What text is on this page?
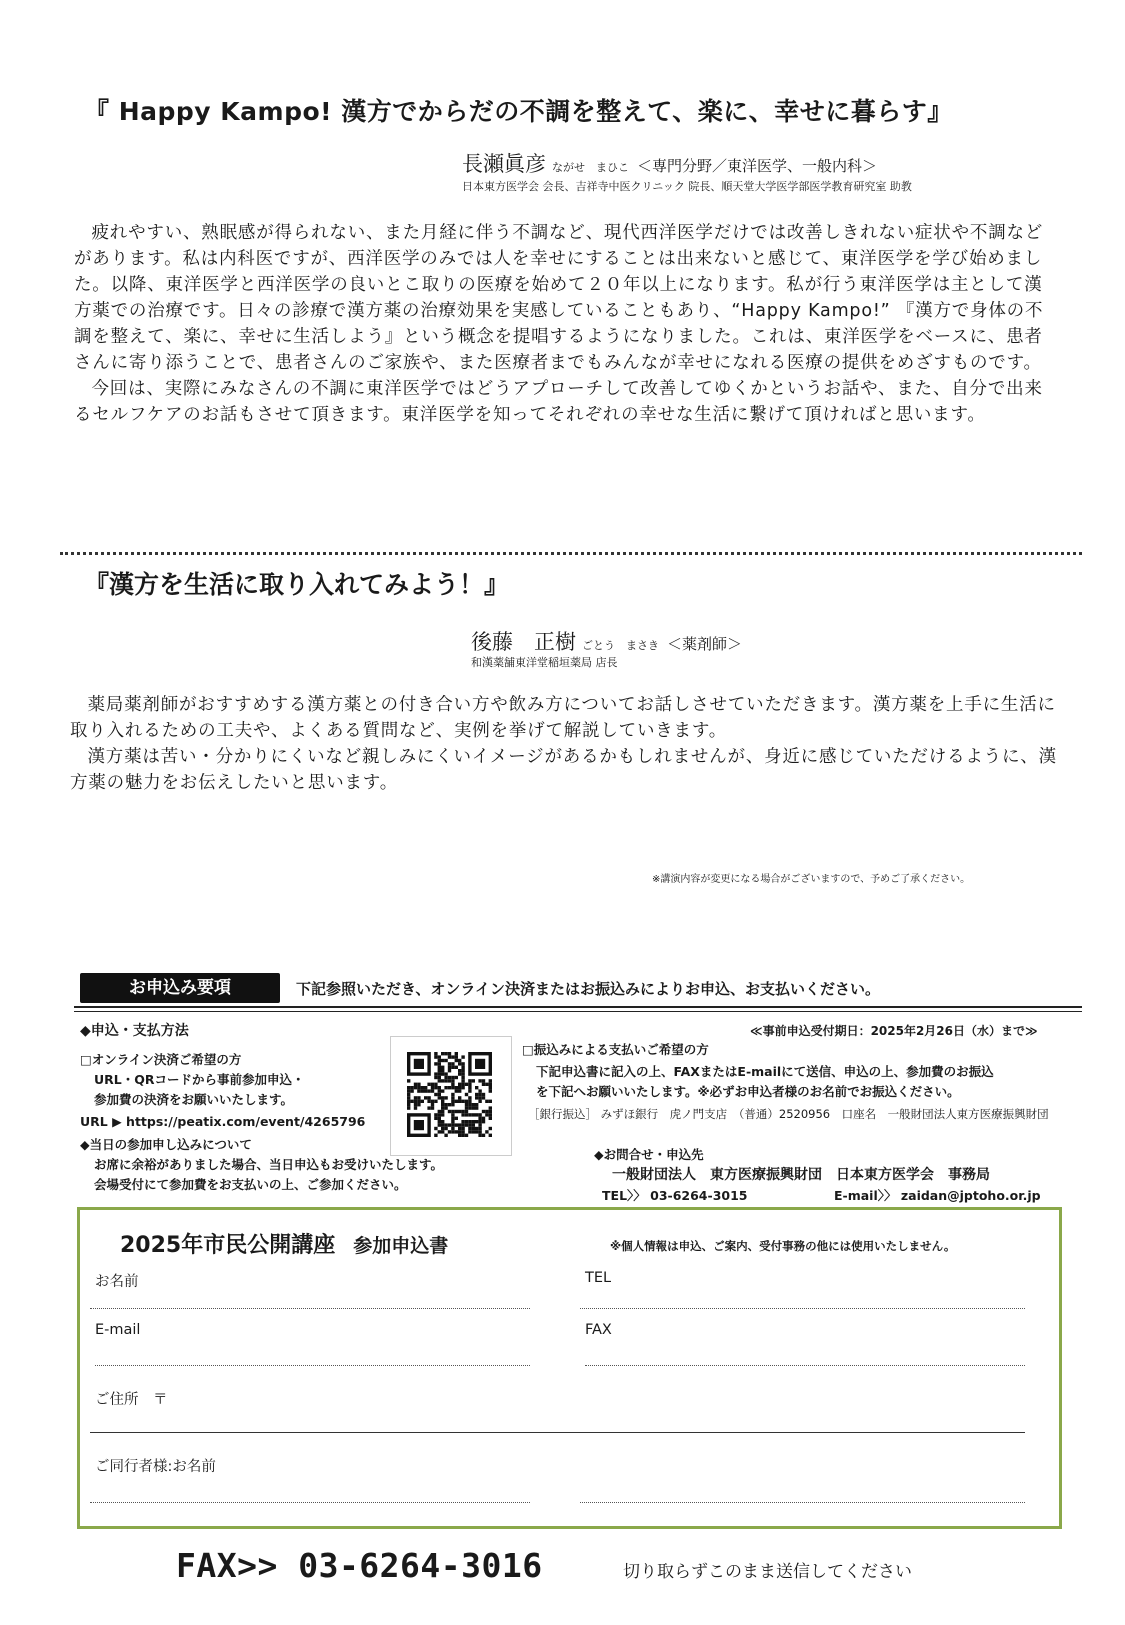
『 Happy Kampo! 漢方でからだの不調を整えて、楽に、幸せに暮らす』
長瀬眞彦 ながせ　まひこ ＜専門分野／東洋医学、一般内科＞
日本東方医学会 会長、吉祥寺中医クリニック 院長、順天堂大学医学部医学教育研究室 助教

疲れやすい、熟眠感が得られない、また月経に伴う不調など、現代西洋医学だけでは改善しきれない症状や不調などがあります。私は内科医ですが、西洋医学のみでは人を幸せにすることは出来ないと感じて、東洋医学を学び始めました。以降、東洋医学と西洋医学の良いとこ取りの医療を始めて２０年以上になります。私が行う東洋医学は主として漢方薬での治療です。日々の診療で漢方薬の治療効果を実感していることもあり、“Happy Kampo!” 『漢方で身体の不調を整えて、楽に、幸せに生活しよう』という概念を提唱するようになりました。これは、東洋医学をベースに、患者さんに寄り添うことで、患者さんのご家族や、また医療者までもみんなが幸せになれる医療の提供をめざすものです。

今回は、実際にみなさんの不調に東洋医学ではどうアプローチして改善してゆくかというお話や、また、自分で出来るセルフケアのお話もさせて頂きます。東洋医学を知ってそれぞれの幸せな生活に繋げて頂ければと思います。

『漢方を生活に取り入れてみよう！』
後藤　正樹 ごとう　まさき ＜薬剤師＞
和漢薬舗東洋堂稲垣薬局 店長

薬局薬剤師がおすすめする漢方薬との付き合い方や飲み方についてお話しさせていただきます。漢方薬を上手に生活に取り入れるための工夫や、よくある質問など、実例を挙げて解説していきます。

漢方薬は苦い・分かりにくいなど親しみにくいイメージがあるかもしれませんが、身近に感じていただけるように、漢方薬の魅力をお伝えしたいと思います。

※講演内容が変更になる場合がございますので、予めご了承ください。
お申込み要項	下記参照いただき、オンライン決済またはお振込みによりお申込、お支払いください。
◆申込・支払方法	≪事前申込受付期日：2025年2月26日（水）まで≫
□オンライン決済ご希望の方
URL・QRコードから事前参加申込・
参加費の決済をお願いいたします。
URL ▶ https://peatix.com/event/4265796
◆当日の参加申し込みについて
お席に余裕がありました場合、当日申込もお受けいたします。
会場受付にて参加費をお支払いの上、ご参加ください。
□振込みによる支払いご希望の方
下記申込書に記入の上、FAXまたはE-mailにて送信、申込の上、参加費のお振込
を下記へお願いいたします。※必ずお申込者様のお名前でお振込ください。
［銀行振込］ みずほ銀行　虎ノ門支店　（普通）2520956　口座名　一般財団法人東方医療振興財団
◆お問合せ・申込先
一般財団法人　東方医療振興財団　日本東方医学会　事務局
TEL〉〉 03-6264-3015	E-mail〉〉 zaidan@jptoho.or.jp
2025年市民公開講座 参加申込書	※個人情報は申込、ご案内、受付事務の他には使用いたしません。
お名前	TEL
E-mail	FAX
ご住所　〒
ご同行者様:お名前
FAX>> 03-6264-3016	切り取らずこのまま送信してください
